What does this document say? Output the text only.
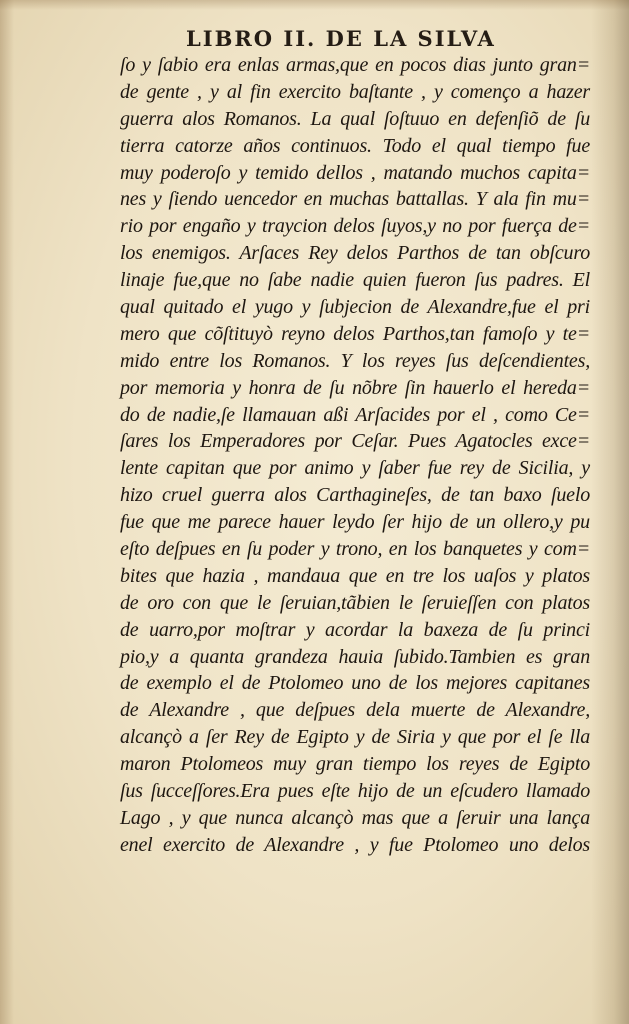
LIBRO II. DE LA SILVA
ſo y ſabio era enlas armas,que en pocos dias junto gran=
de gente , y al fin exercito baſtante , y començo a hazer
guerra alos Romanos. La qual ſoſtuuo en defenſiõ de ſu
tierra catorze años continuos. Todo el qual tiempo fue
muy poderoſo y temido dellos , matando muchos capita=
nes y ſiendo uencedor en muchas battallas. Y ala fin mu=
rio por engaño y traycion delos ſuyos,y no por fuerça de=
los enemigos. Arſaces Rey delos Parthos de tan obſcuro
linaje fue,que no ſabe nadie quien fueron ſus padres. El
qual quitado el yugo y ſubjecion de Alexandre,fue el pri
mero que cõſtituyò reyno delos Parthos,tan famoſo y te=
mido entre los Romanos. Y los reyes ſus deſcendientes,
por memoria y honra de ſu nõbre ſin hauerlo el hereda=
do de nadie,ſe llamauan aßi Arſacides por el , como Ce=
ſares los Emperadores por Ceſar. Pues Agatocles exce=
lente capitan que por animo y ſaber fue rey de Sicilia, y
hizo cruel guerra alos Carthagineſes, de tan baxo ſuelo
fue que me parece hauer leydo ſer hijo de un ollero,y pu
eſto deſpues en ſu poder y trono, en los banquetes y com=
bites que hazia , mandaua que en tre los uaſos y platos
de oro con que le ſeruian,tãbien le ſeruieſſen con platos
de uarro,por moſtrar y acordar la baxeza de ſu princi
pio,y a quanta grandeza hauia ſubido.Tambien es gran
de exemplo el de Ptolomeo uno de los mejores capitanes
de Alexandre , que deſpues dela muerte de Alexandre,
alcançò a ſer Rey de Egipto y de Siria y que por el ſe lla
maron Ptolomeos muy gran tiempo los reyes de Egipto
ſus ſucceſſores.Era pues eſte hijo de un eſcudero llamado
Lago , y que nunca alcançò mas que a ſeruir una lança
enel exercito de Alexandre , y fue Ptolomeo uno delos
